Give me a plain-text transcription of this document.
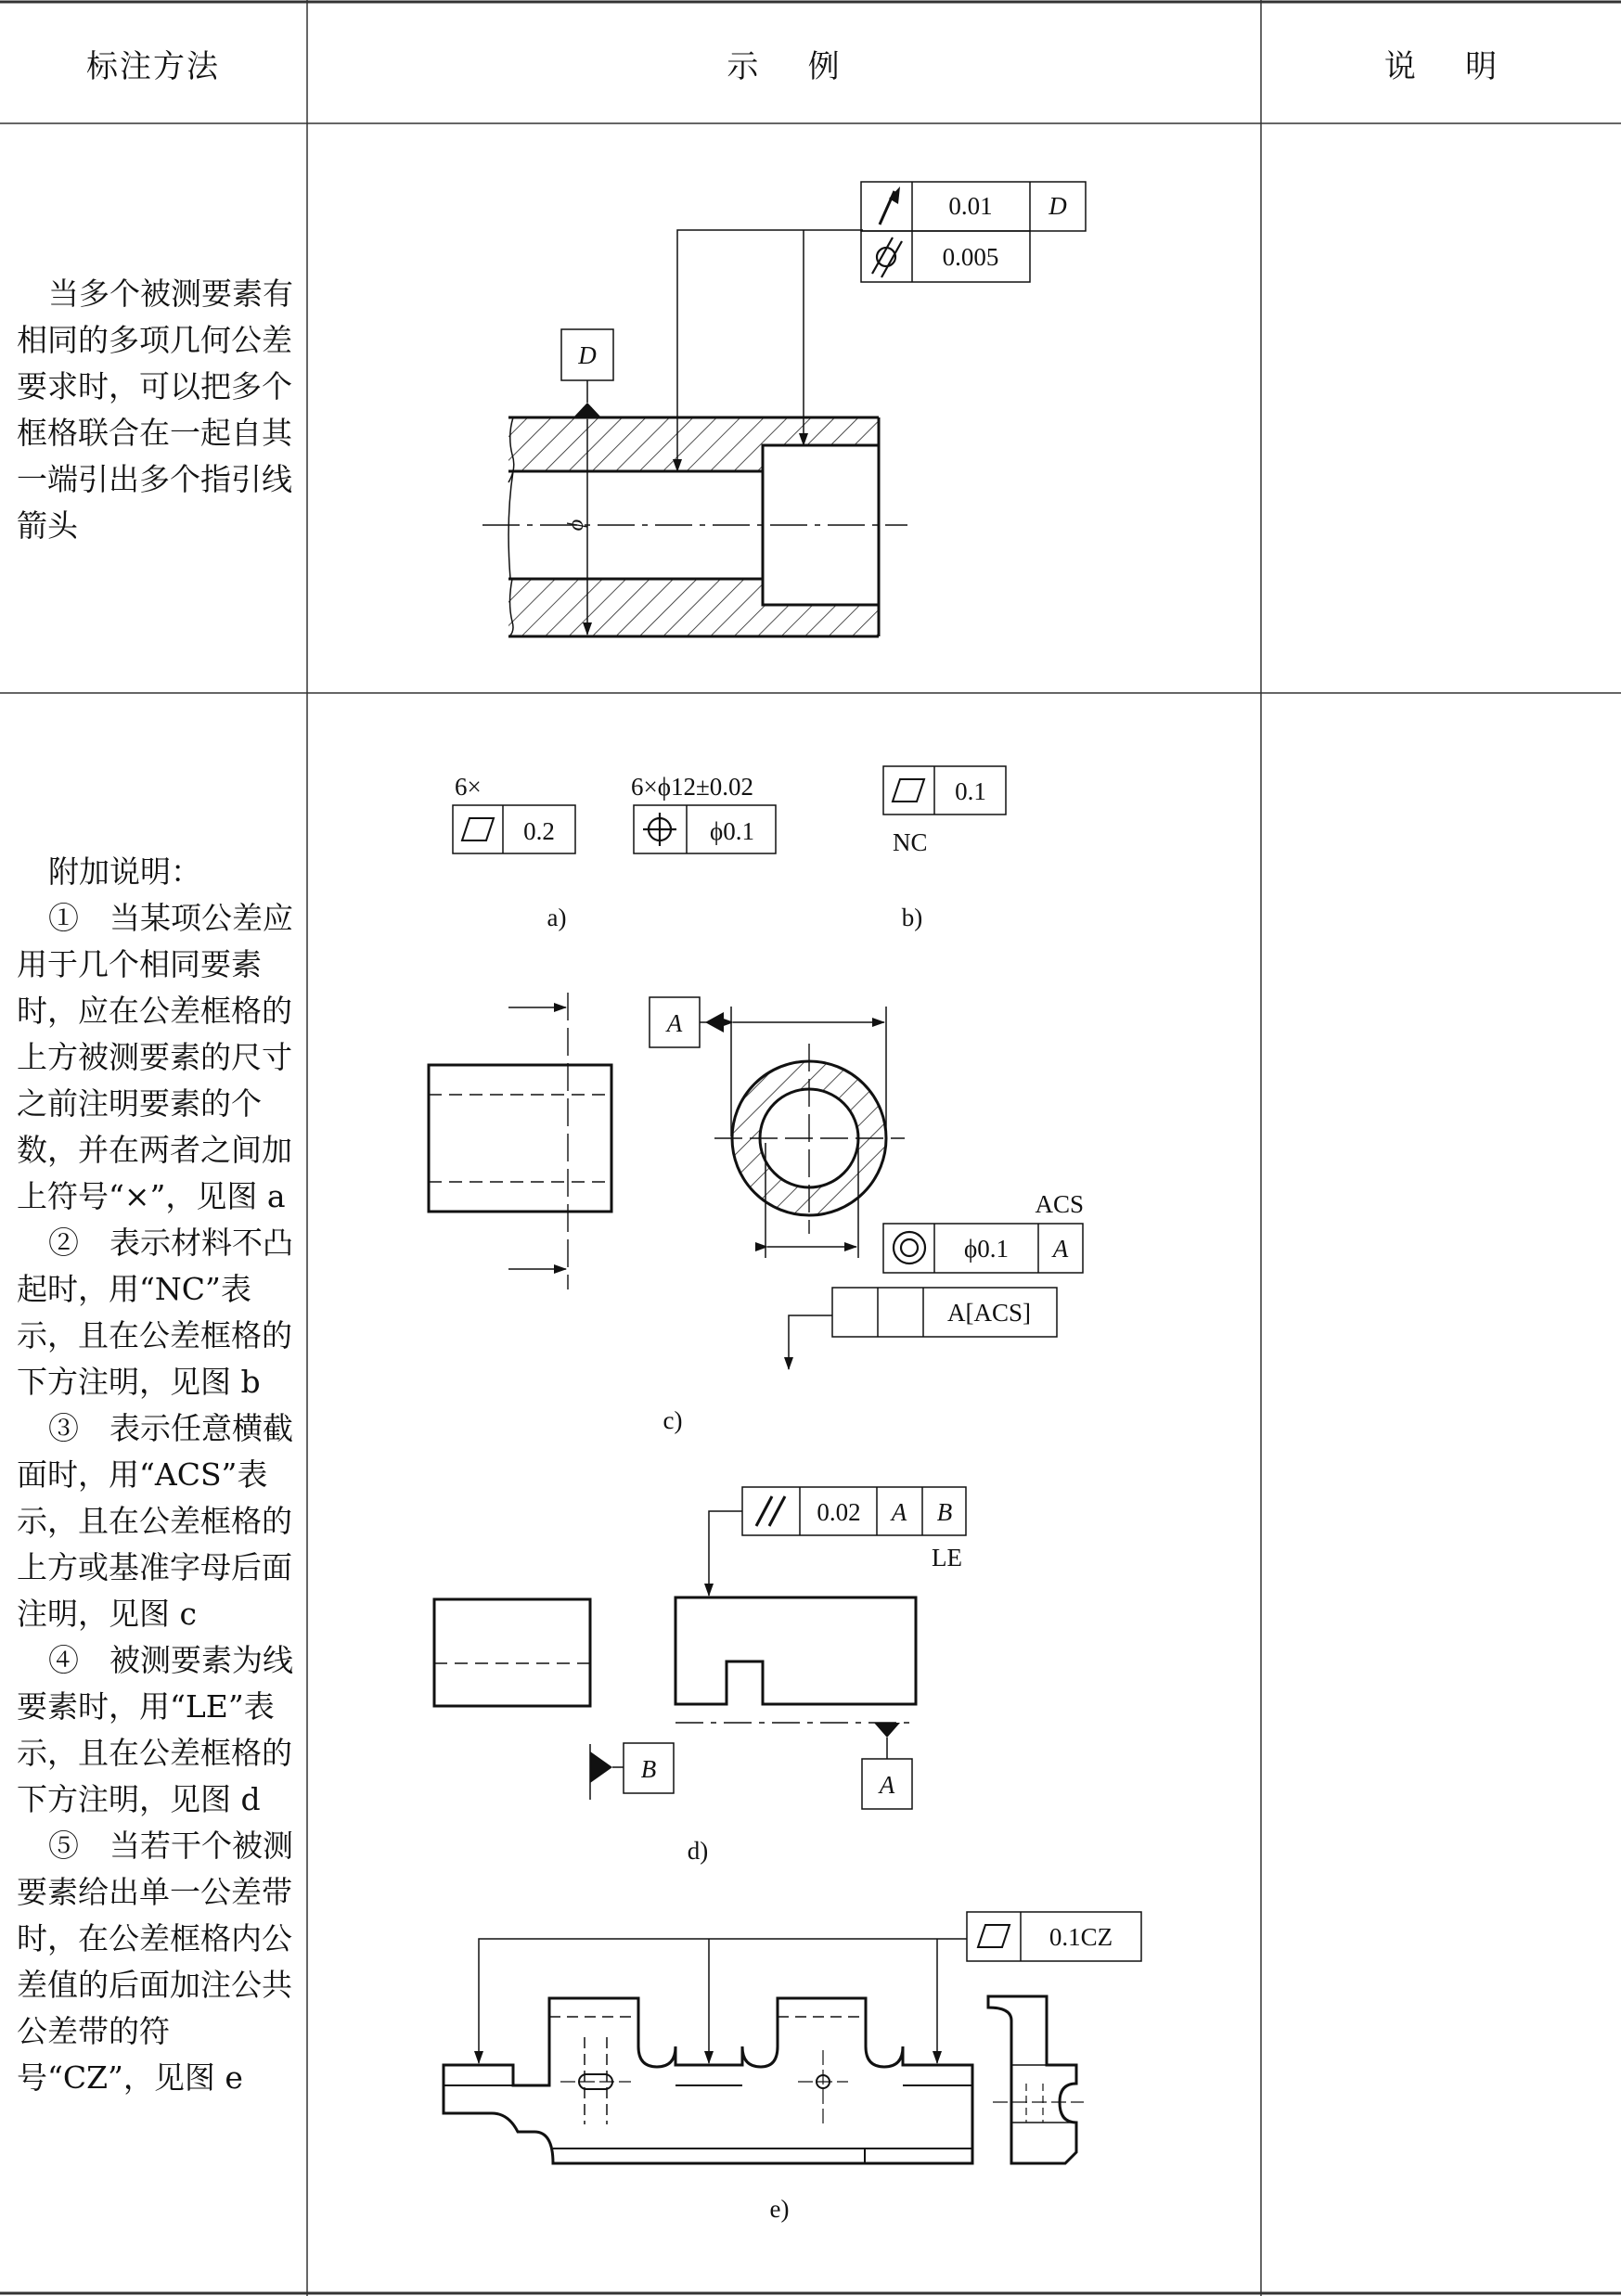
标注方法	示    例	说    明

当多个被测要素有相同的多项几何公差要求时，可以把多个框格联合在一起自其一端引出多个指引线箭头

附加说明：

①　当某项公差应用于几个相同要素时，应在公差框格的上方被测要素的尺寸之前注明要素的个数，并在两者之间加上符号“×”，见图 a

②　表示材料不凸起时，用“NC”表示，且在公差框格的下方注明，见图 b

③　表示任意横截面时，用“ACS”表示，且在公差框格的上方或基准字母后面注明，见图 c

④　被测要素为线要素时，用“LE”表示，且在公差框格的下方注明，见图 d

⑤　当若干个被测要素给出单一公差带时，在公差框格内公差值的后面加注公共公差带的符号“CZ”，见图 e

D
0.01 D
0.005
ϕ
6×
0.2
6×ϕ12±0.02
ϕ0.1
a)
0.1
NC
b)
A
ACS
ϕ0.1 A
A[ACS]
c)
0.02 A B
LE
B
A
d)
0.1CZ
e)
